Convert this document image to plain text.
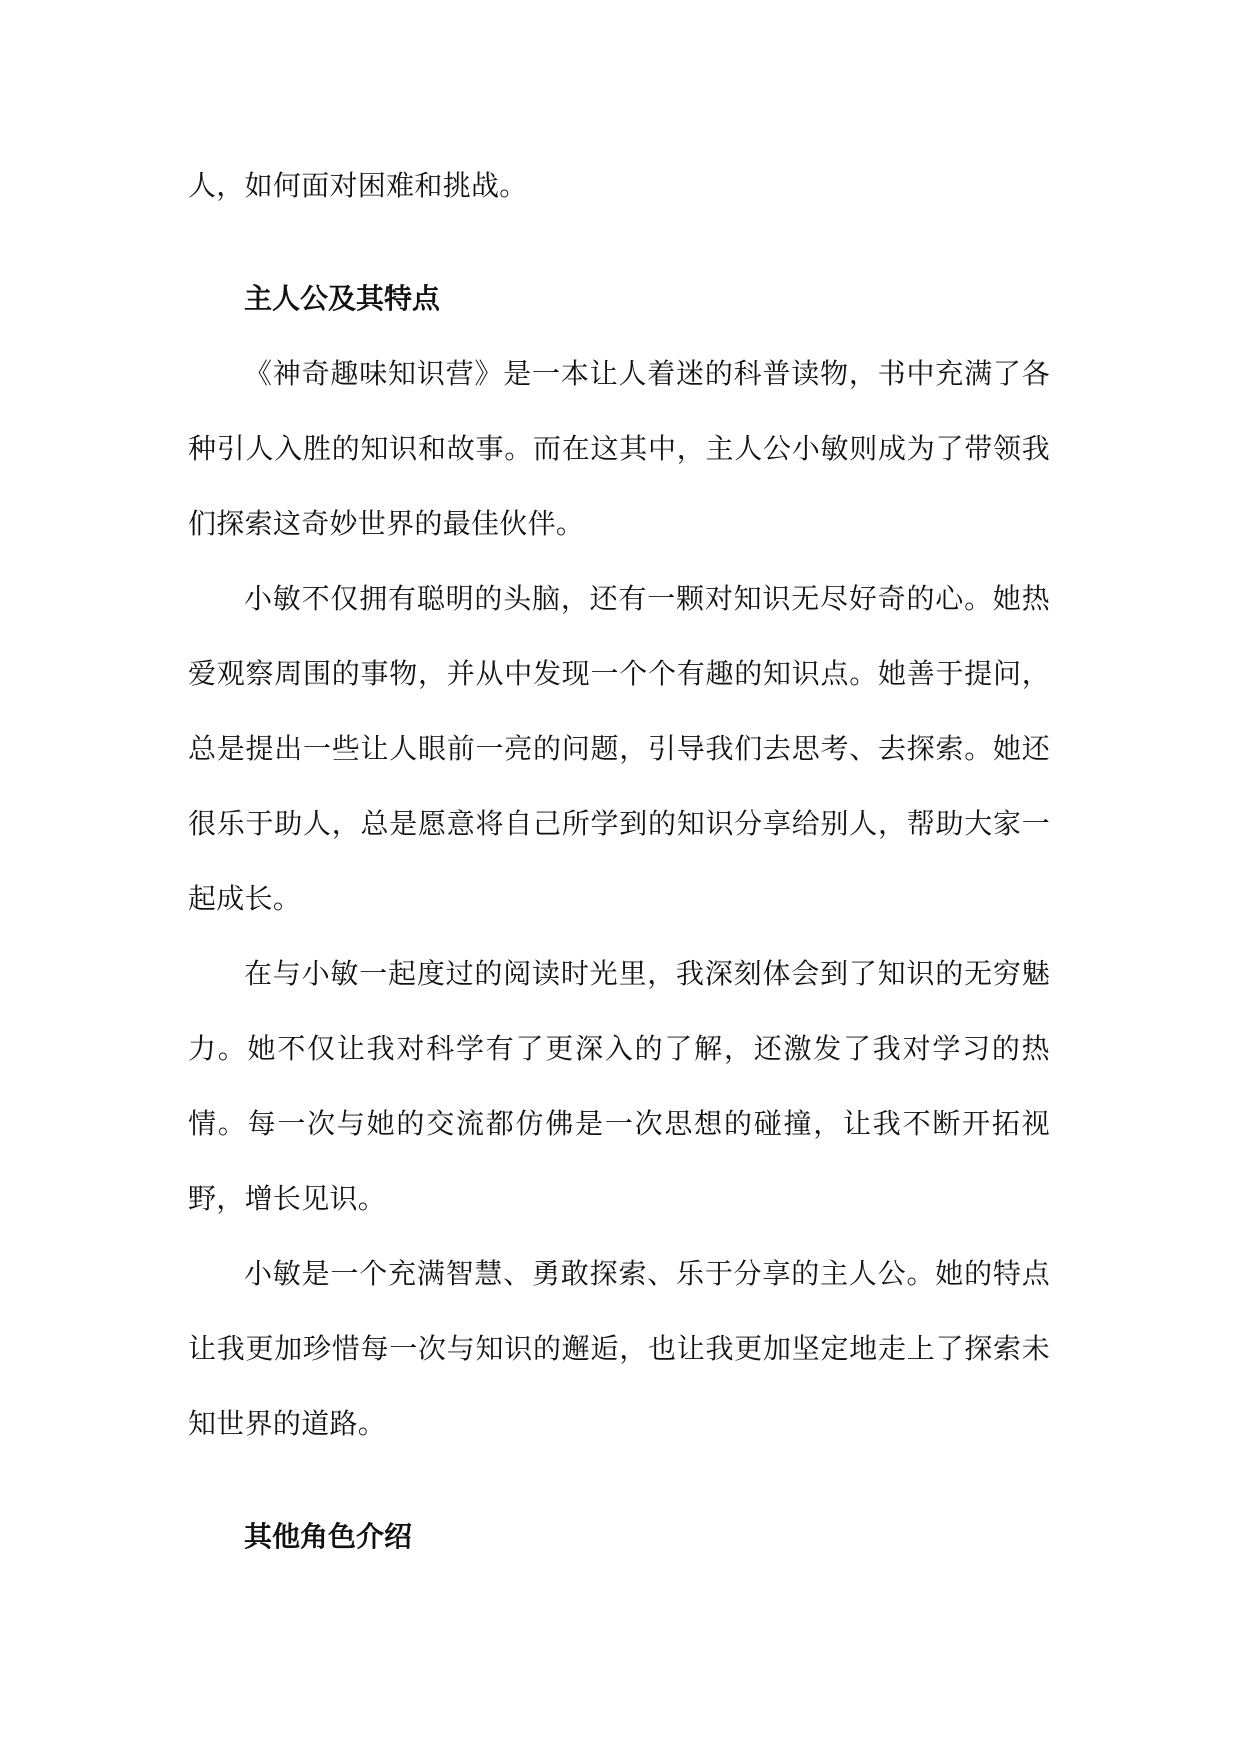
人，如何面对困难和挑战。

主人公及其特点

《神奇趣味知识营》是一本让人着迷的科普读物，书中充满了各种引人入胜的知识和故事。而在这其中，主人公小敏则成为了带领我们探索这奇妙世界的最佳伙伴。

小敏不仅拥有聪明的头脑，还有一颗对知识无尽好奇的心。她热爱观察周围的事物，并从中发现一个个有趣的知识点。她善于提问，总是提出一些让人眼前一亮的问题，引导我们去思考、去探索。她还很乐于助人，总是愿意将自己所学到的知识分享给别人，帮助大家一起成长。

在与小敏一起度过的阅读时光里，我深刻体会到了知识的无穷魅力。她不仅让我对科学有了更深入的了解，还激发了我对学习的热情。每一次与她的交流都仿佛是一次思想的碰撞，让我不断开拓视野，增长见识。

小敏是一个充满智慧、勇敢探索、乐于分享的主人公。她的特点让我更加珍惜每一次与知识的邂逅，也让我更加坚定地走上了探索未知世界的道路。

其他角色介绍
